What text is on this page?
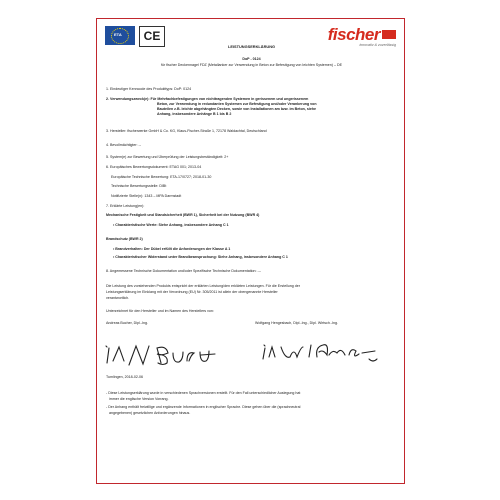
ETA	CE	fischer
innovativ & zuverlässig
LEISTUNGSERKLÄRUNG
DoP - 0124
für fischer Deckennagel FDZ (Metallanker zur Verwendung in Beton zur Befestigung von leichten Systemen) – DE
1. Eindeutiger Kenncode des Produkttyps: DoP: 0124
2. Verwendungszweck(e): Für Mehrfachbefestigungen von nichttragenden Systemen in gerissenem und ungerissenem
Beton, zur Verwendung in redundanten Systemen zur Befestigung und/oder Verankerung von
Bauteilen z.B. leichte abgehängten Decken, sowie von Installationen am bzw. im Beton, siehe
Anhang, insbesondere Anhänge B 1 bis B 2
3. Hersteller: fischerwerke GmbH & Co. KG, Klaus-Fischer-Straße 1, 72178 Waldachtal, Deutschland
4. Bevollmächtigter: --
5. System(e) zur Bewertung und Überprüfung der Leistungsbeständigkeit: 2+
6. Europäisches Bewertungsdokument: ETAG 001; 2013-04
Europäische Technische Bewertung: ETA-17/0727; 2018-01-30
Technische Bewertungsstelle: DIBt
Notifizierte Stelle(n): 1343 – MPA Darmstadt
7. Erklärte Leistung(en):
Mechanische Festigkeit und Standsicherheit (BWR 1), Sicherheit bei der Nutzung (BWR 4)
• Charakteristische Werte: Siehe Anhang, insbesondere Anhang C 1
Brandschutz (BWR 2)
• Brandverhalten: Der Dübel erfüllt die Anforderungen der Klasse A 1
• Charakteristischer Widerstand unter Brandbeanspruchung: Siehe Anhang, insbesondere Anhang C 1
8. Angemessene Technische Dokumentation und/oder Spezifische Technische Dokumentation: ---
Die Leistung des vorstehenden Produkts entspricht der erklärten Leistung/den erklärten Leistungen. Für die Erstellung der
Leistungserklärung im Einklang mit der Verordnung (EU) Nr. 305/2011 ist allein der obengenannte Hersteller
verantwortlich.
Unterzeichnet für den Hersteller und im Namen des Herstellers von:
Andreas Bucher, Dipl.-Ing.	Wolfgang Hengesbach, Dipl.-Ing., Dipl. Wirtsch.-Ing.
Tumlingen, 2018-02-06
- Diese Leistungserklärung wurde in verschiedenen Sprachversionen erstellt. Für den Fall unterschiedlicher Auslegung hat
immer die englische Version Vorrang.
- Der Anhang enthält freiwillige und ergänzende Informationen in englischer Sprache. Diese gehen über die (sprachneutral
angegebenen) gesetzlichen Anforderungen hinaus.
